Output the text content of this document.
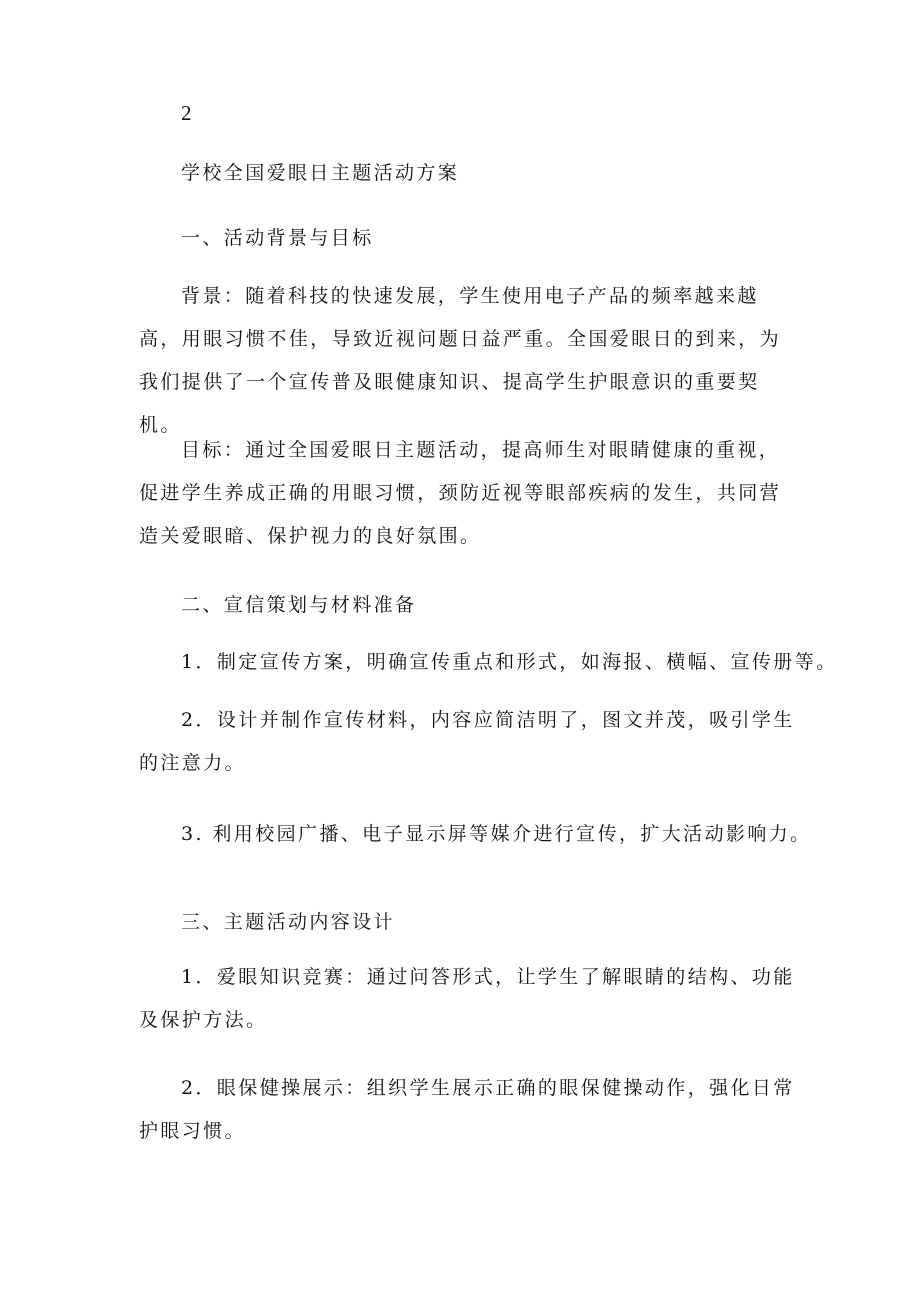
2

学校全国爱眼日主题活动方案

一、活动背景与目标

背景：随着科技的快速发展，学生使用电子产品的频率越来越高，用眼习惯不佳，导致近视问题日益严重。全国爱眼日的到来，为我们提供了一个宣传普及眼健康知识、提高学生护眼意识的重要契机。

目标：通过全国爱眼日主题活动，提高师生对眼睛健康的重视，促进学生养成正确的用眼习惯，颈防近视等眼部疾病的发生，共同营造关爱眼暗、保护视力的良好氛围。

二、宣信策划与材料准备

1．制定宣传方案，明确宣传重点和形式，如海报、横幅、宣传册等。

2．设计并制作宣传材料，内容应简洁明了，图文并茂，吸引学生的注意力。

3. 利用校园广播、电子显示屏等媒介进行宣传，扩大活动影响力。

三、主题活动内容设计

1．爱眼知识竞赛：通过问答形式，让学生了解眼睛的结构、功能及保护方法。

2．眼保健操展示：组织学生展示正确的眼保健操动作，强化日常护眼习惯。
